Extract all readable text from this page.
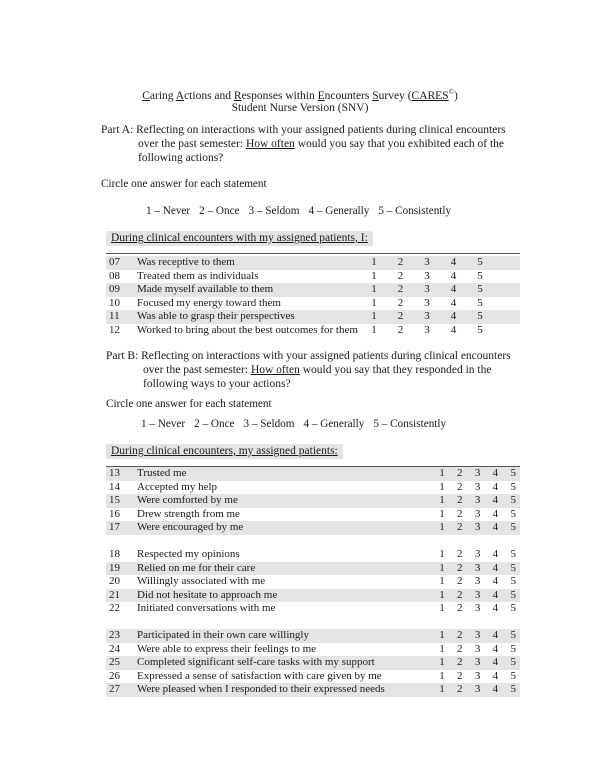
Caring Actions and Responses within Encounters Survey (CARES©)
Student Nurse Version (SNV)
Part A: Reflecting on interactions with your assigned patients during clinical encounters
over the past semester: How often would you say that you exhibited each of the
following actions?
Circle one answer for each statement
1 – Never 2 – Once 3 – Seldom 4 – Generally 5 – Consistently
During clinical encounters with my assigned patients, I:
07 Was receptive to them	1 2 3 4 5
08 Treated them as individuals	1 2 3 4 5
09 Made myself available to them	1 2 3 4 5
10 Focused my energy toward them	1 2 3 4 5
11 Was able to grasp their perspectives	1 2 3 4 5
12 Worked to bring about the best outcomes for them 1 2 3 4 5
Part B: Reflecting on interactions with your assigned patients during clinical encounters
over the past semester: How often would you say that they responded in the
following ways to your actions?
Circle one answer for each statement
1 – Never 2 – Once 3 – Seldom 4 – Generally 5 – Consistently
During clinical encounters, my assigned patients:
13 Trusted me	1 2 3 4 5
14 Accepted my help	1 2 3 4 5
15 Were comforted by me	1 2 3 4 5
16 Drew strength from me	1 2 3 4 5
17 Were encouraged by me	1 2 3 4 5
18 Respected my opinions	1 2 3 4 5
19 Relied on me for their care	1 2 3 4 5
20 Willingly associated with me	1 2 3 4 5
21 Did not hesitate to approach me	1 2 3 4 5
22 Initiated conversations with me	1 2 3 4 5
23 Participated in their own care willingly	1 2 3 4 5
24 Were able to express their feelings to me	1 2 3 4 5
25 Completed significant self-care tasks with my support	1 2 3 4 5
26 Expressed a sense of satisfaction with care given by me	1 2 3 4 5
27 Were pleased when I responded to their expressed needs	1 2 3 4 5
